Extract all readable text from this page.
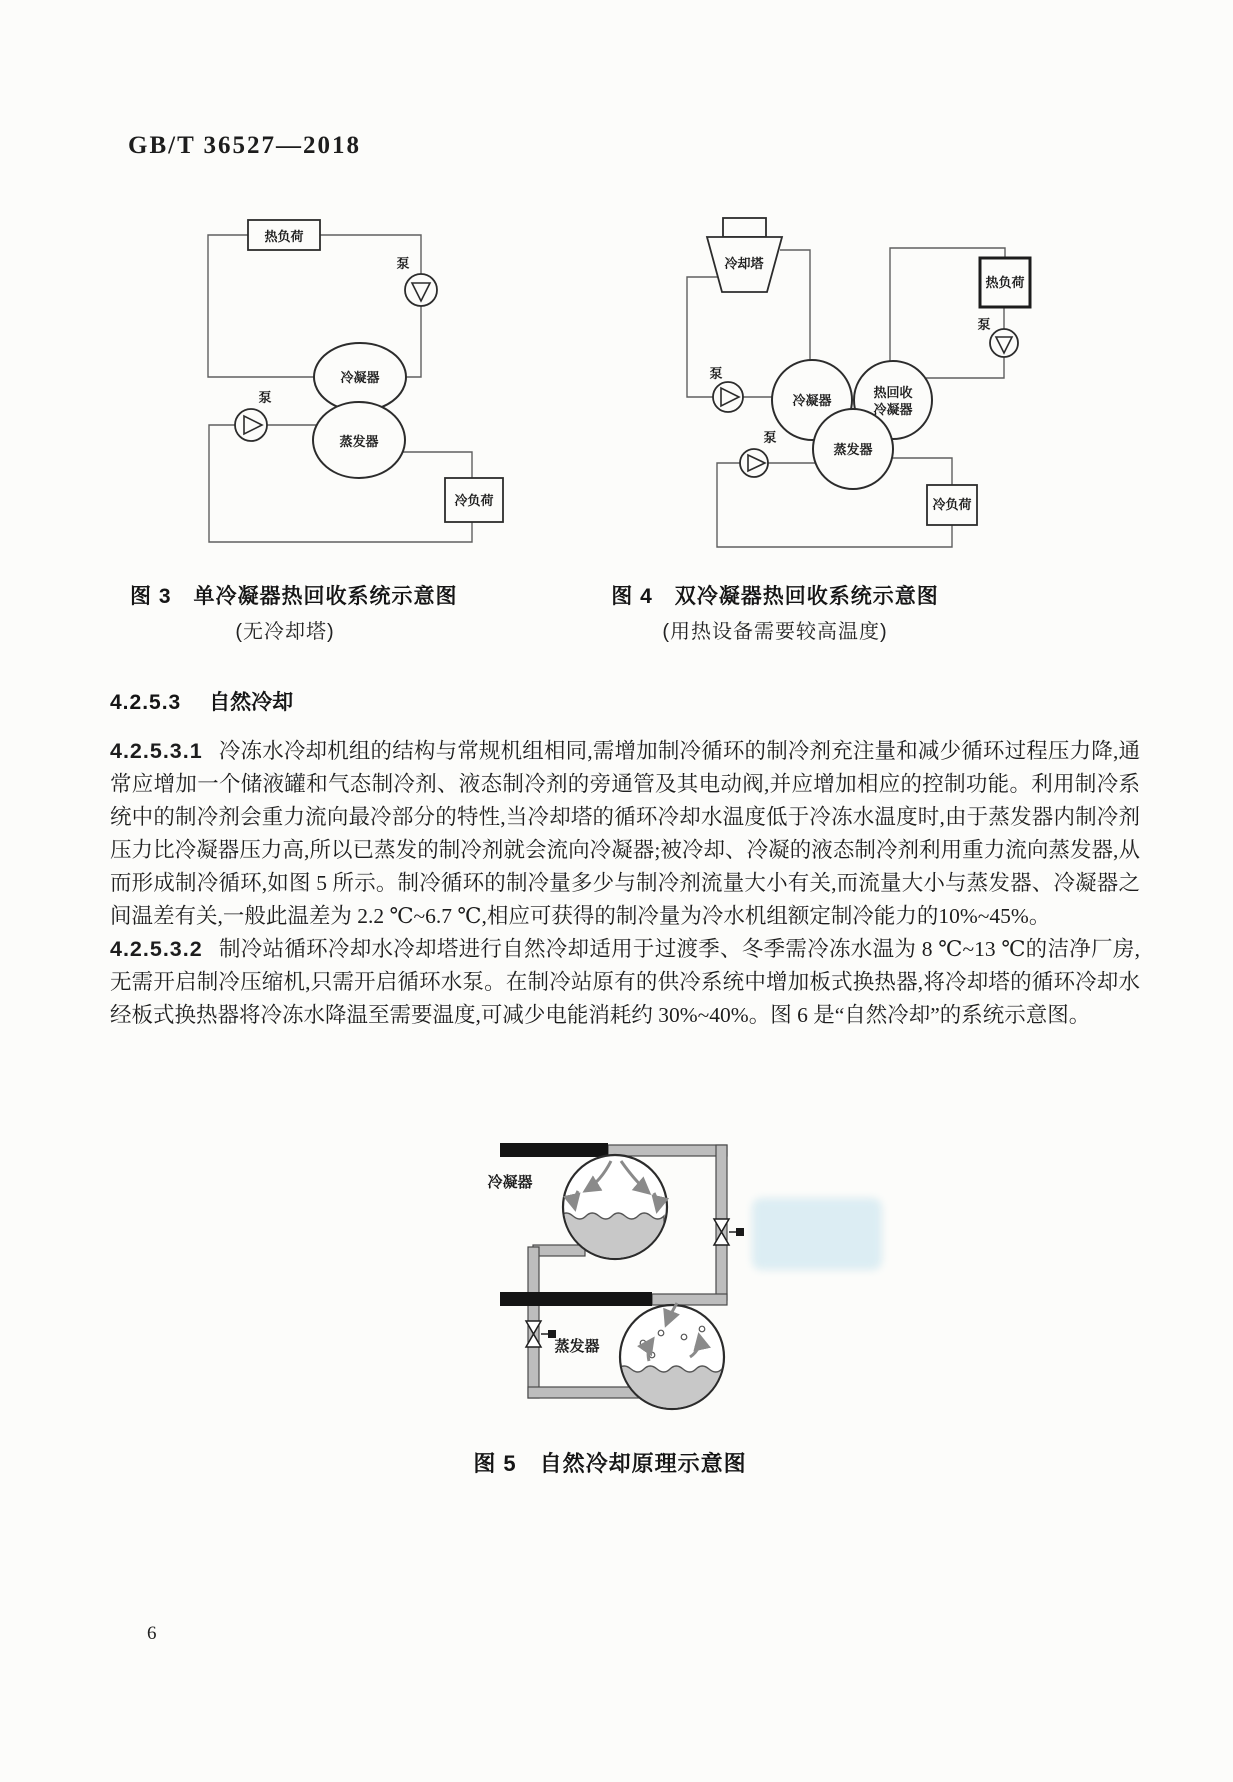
GB/T 36527—2018
热负荷
泵
冷凝器
蒸发器
泵
冷负荷
冷却塔
泵
冷凝器
热回收
冷凝器
蒸发器
热负荷
泵
泵
冷负荷
图 3　单冷凝器热回收系统示意图
(无冷却塔)
图 4　双冷凝器热回收系统示意图
(用热设备需要较高温度)
4.2.5.3 自然冷却

4.2.5.3.1 冷冻水冷却机组的结构与常规机组相同,需增加制冷循环的制冷剂充注量和减少循环过程压力降,通常应增加一个储液罐和气态制冷剂、液态制冷剂的旁通管及其电动阀,并应增加相应的控制功能。利用制冷系统中的制冷剂会重力流向最冷部分的特性,当冷却塔的循环冷却水温度低于冷冻水温度时,由于蒸发器内制冷剂压力比冷凝器压力高,所以已蒸发的制冷剂就会流向冷凝器;被冷却、冷凝的液态制冷剂利用重力流向蒸发器,从而形成制冷循环,如图 5 所示。制冷循环的制冷量多少与制冷剂流量大小有关,而流量大小与蒸发器、冷凝器之间温差有关,一般此温差为 2.2 ℃~6.7 ℃,相应可获得的制冷量为冷水机组额定制冷能力的10%~45%。

4.2.5.3.2 制冷站循环冷却水冷却塔进行自然冷却适用于过渡季、冬季需冷冻水温为 8 ℃~13 ℃的洁净厂房,无需开启制冷压缩机,只需开启循环水泵。在制冷站原有的供冷系统中增加板式换热器,将冷却塔的循环冷却水经板式换热器将冷冻水降温至需要温度,可减少电能消耗约 30%~40%。图 6 是“自然冷却”的系统示意图。

冷凝器
蒸发器
图 5　自然冷却原理示意图
6
